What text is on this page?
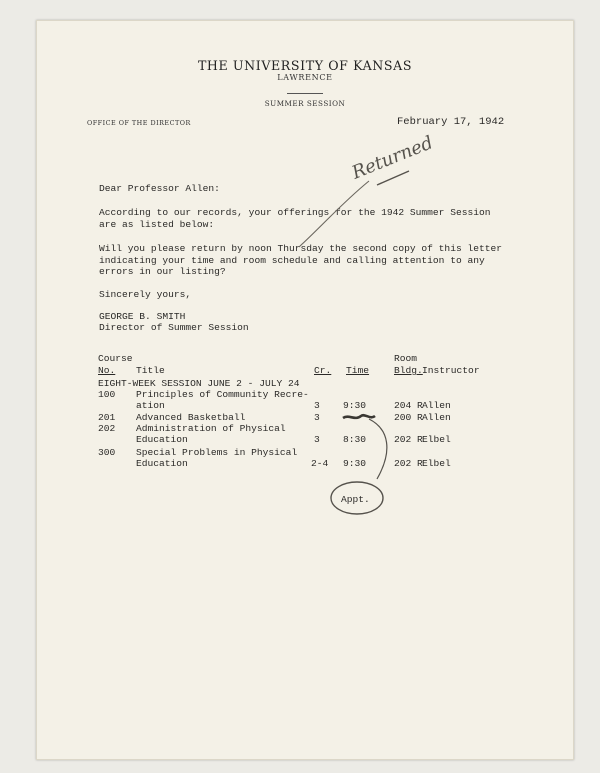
THE UNIVERSITY OF KANSAS
LAWRENCE
SUMMER SESSION
OFFICE OF THE DIRECTOR	February 17, 1942
Dear Professor Allen:
According to our records, your offerings for the 1942 Summer Session
are as listed below:
Will you please return by noon Thursday the second copy of this letter
indicating your time and room schedule and calling attention to any
errors in our listing?
Sincerely yours,
GEORGE B. SMITH
Director of Summer Session
Course	Room
No. Title	Cr. Time	Bldg. Instructor
EIGHT-WEEK SESSION JUNE 2 - JULY 24
100 Principles of Community Recre-
ation	3 9:30	204 R Allen
201 Advanced Basketball	3	200 R Allen
202 Administration of Physical
Education	3 8:30	202 R Elbel
300 Special Problems in Physical
Education	2-4 9:30	202 R Elbel
Returned
Appt.
